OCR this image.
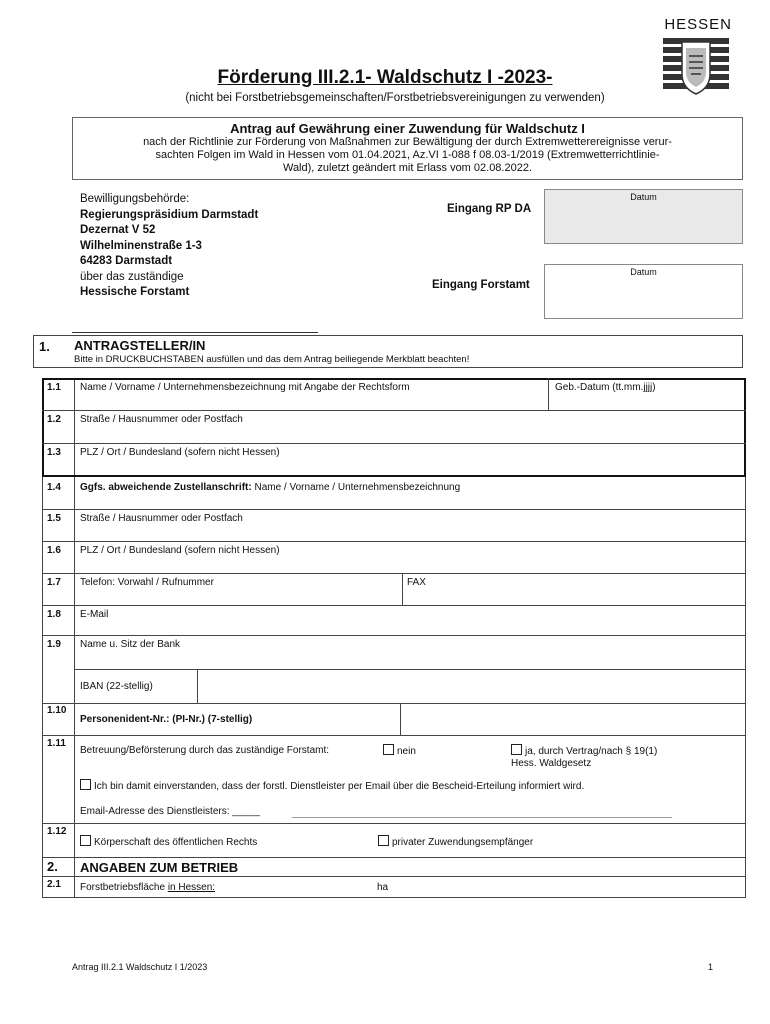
HESSEN
Förderung III.2.1- Waldschutz I -2023-
(nicht bei Forstbetriebsgemeinschaften/Forstbetriebsvereinigungen zu verwenden)
Antrag auf Gewährung einer Zuwendung für Waldschutz I
nach der Richtlinie zur Förderung von Maßnahmen zur Bewältigung der durch Extremwetterereignisse verur-
sachten Folgen im Wald in Hessen vom 01.04.2021, Az.VI 1-088 f 08.03-1/2019 (Extremwetterrichtlinie-
Wald), zuletzt geändert mit Erlass vom 02.08.2022.
Bewilligungsbehörde:
Regierungspräsidium Darmstadt
Dezernat V 52
Wilhelminenstraße 1-3
64283 Darmstadt
über das zuständige
Hessische Forstamt
Eingang RP DA
Datum
Eingang Forstamt
Datum
1. ANTRAGSTELLER/IN
Bitte in DRUCKBUCHSTABEN ausfüllen und das dem Antrag beiliegende Merkblatt beachten!
1.1 Name / Vorname / Unternehmensbezeichnung mit Angabe der Rechtsform	Geb.-Datum (tt.mm.jjjj)
1.2 Straße / Hausnummer oder Postfach
1.3 PLZ / Ort / Bundesland (sofern nicht Hessen)
1.4 Ggfs. abweichende Zustellanschrift: Name / Vorname / Unternehmensbezeichnung
1.5 Straße / Hausnummer oder Postfach
1.6 PLZ / Ort / Bundesland (sofern nicht Hessen)
1.7 Telefon: Vorwahl / Rufnummer	FAX
1.8 E-Mail
1.9 Name u. Sitz der Bank
IBAN (22-stellig)
1.10
Personenident-Nr.: (PI-Nr.) (7-stellig)
1.11
Betreuung/Beförsterung durch das zuständige Forstamt:	nein	ja, durch Vertrag/nach § 19(1)
Hess. Waldgesetz
Ich bin damit einverstanden, dass der forstl. Dienstleister per Email über die Bescheid-Erteilung informiert wird.
Email-Adresse des Dienstleisters: _____
1.12
Körperschaft des öffentlichen Rechts	privater Zuwendungsempfänger
2. ANGABEN ZUM BETRIEB
2.1 Forstbetriebsfläche in Hessen:	ha
Antrag III.2.1 Waldschutz I 1/2023	1
